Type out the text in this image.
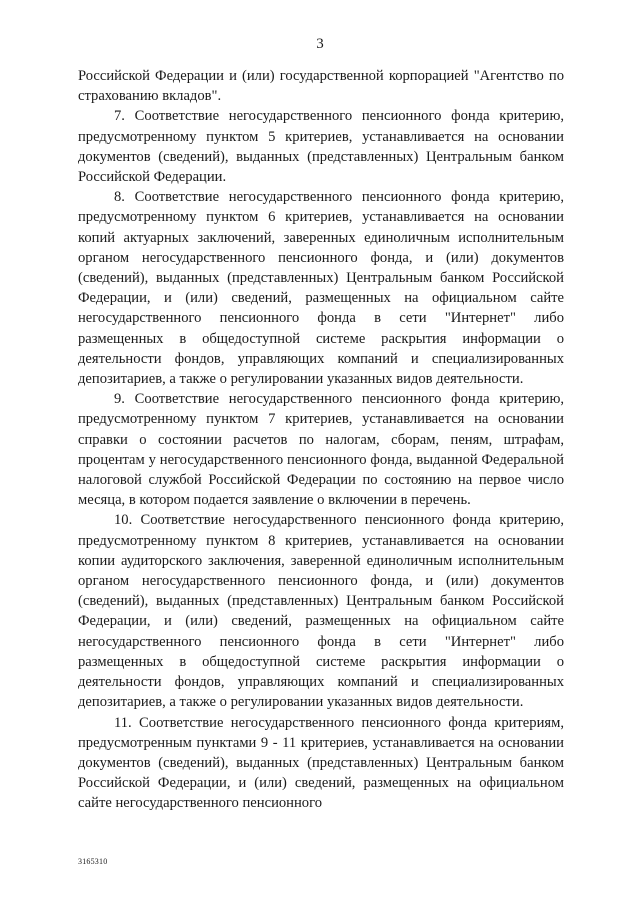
3

Российской Федерации и (или) государственной корпорацией "Агентство по страхованию вкладов".

7. Соответствие негосударственного пенсионного фонда критерию, предусмотренному пунктом 5 критериев, устанавливается на основании документов (сведений), выданных (представленных) Центральным банком Российской Федерации.

8. Соответствие негосударственного пенсионного фонда критерию, предусмотренному пунктом 6 критериев, устанавливается на основании копий актуарных заключений, заверенных единоличным исполнительным органом негосударственного пенсионного фонда, и (или) документов (сведений), выданных (представленных) Центральным банком Российской Федерации, и (или) сведений, размещенных на официальном сайте негосударственного пенсионного фонда в сети "Интернет" либо размещенных в общедоступной системе раскрытия информации о деятельности фондов, управляющих компаний и специализированных депозитариев, а также о регулировании указанных видов деятельности.

9. Соответствие негосударственного пенсионного фонда критерию, предусмотренному пунктом 7 критериев, устанавливается на основании справки о состоянии расчетов по налогам, сборам, пеням, штрафам, процентам у негосударственного пенсионного фонда, выданной Федеральной налоговой службой Российской Федерации по состоянию на первое число месяца, в котором подается заявление о включении в перечень.

10. Соответствие негосударственного пенсионного фонда критерию, предусмотренному пунктом 8 критериев, устанавливается на основании копии аудиторского заключения, заверенной единоличным исполнительным органом негосударственного пенсионного фонда, и (или) документов (сведений), выданных (представленных) Центральным банком Российской Федерации, и (или) сведений, размещенных на официальном сайте негосударственного пенсионного фонда в сети "Интернет" либо размещенных в общедоступной системе раскрытия информации о деятельности фондов, управляющих компаний и специализированных депозитариев, а также о регулировании указанных видов деятельности.

11. Соответствие негосударственного пенсионного фонда критериям, предусмотренным пунктами 9 - 11 критериев, устанавливается на основании документов (сведений), выданных (представленных) Центральным банком Российской Федерации, и (или) сведений, размещенных на официальном сайте негосударственного пенсионного

3165310
